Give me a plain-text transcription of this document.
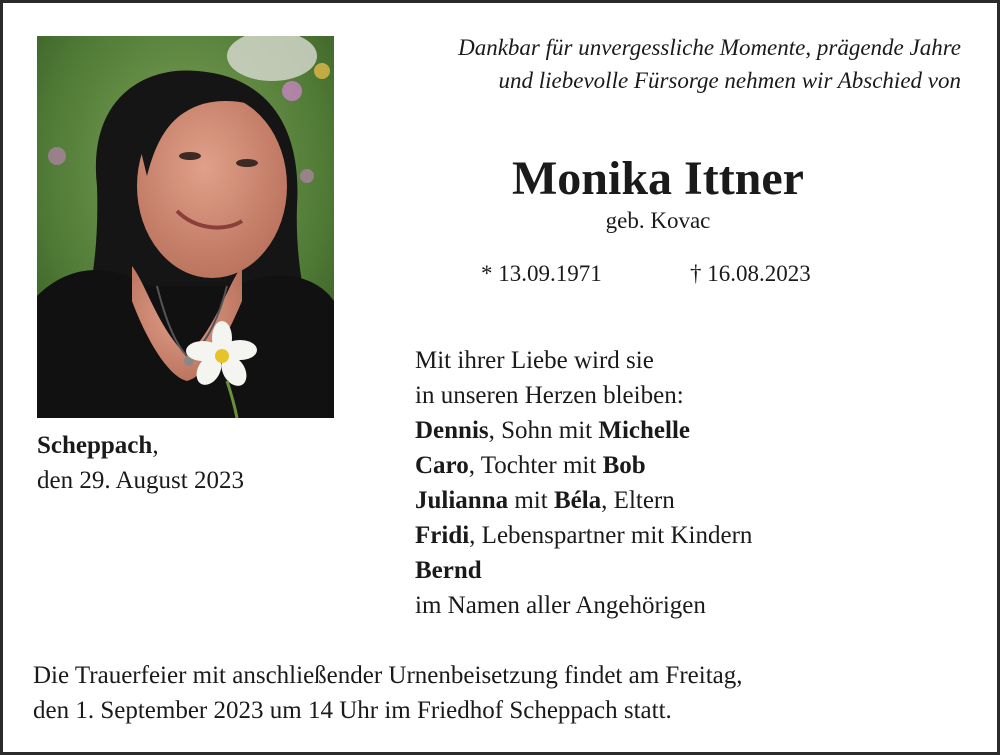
Dankbar für unvergessliche Momente, prägende Jahre
und liebevolle Fürsorge nehmen wir Abschied von
Monika Ittner
geb. Kovac
* 13.09.1971	† 16.08.2023
Mit ihrer Liebe wird sie
in unseren Herzen bleiben:
Dennis, Sohn mit Michelle
Caro, Tochter mit Bob
Julianna mit Béla, Eltern
Fridi, Lebenspartner mit Kindern
Bernd
im Namen aller Angehörigen
Scheppach,
den 29. August 2023
Die Trauerfeier mit anschließender Urnenbeisetzung findet am Freitag,
den 1. September 2023 um 14 Uhr im Friedhof Scheppach statt.
